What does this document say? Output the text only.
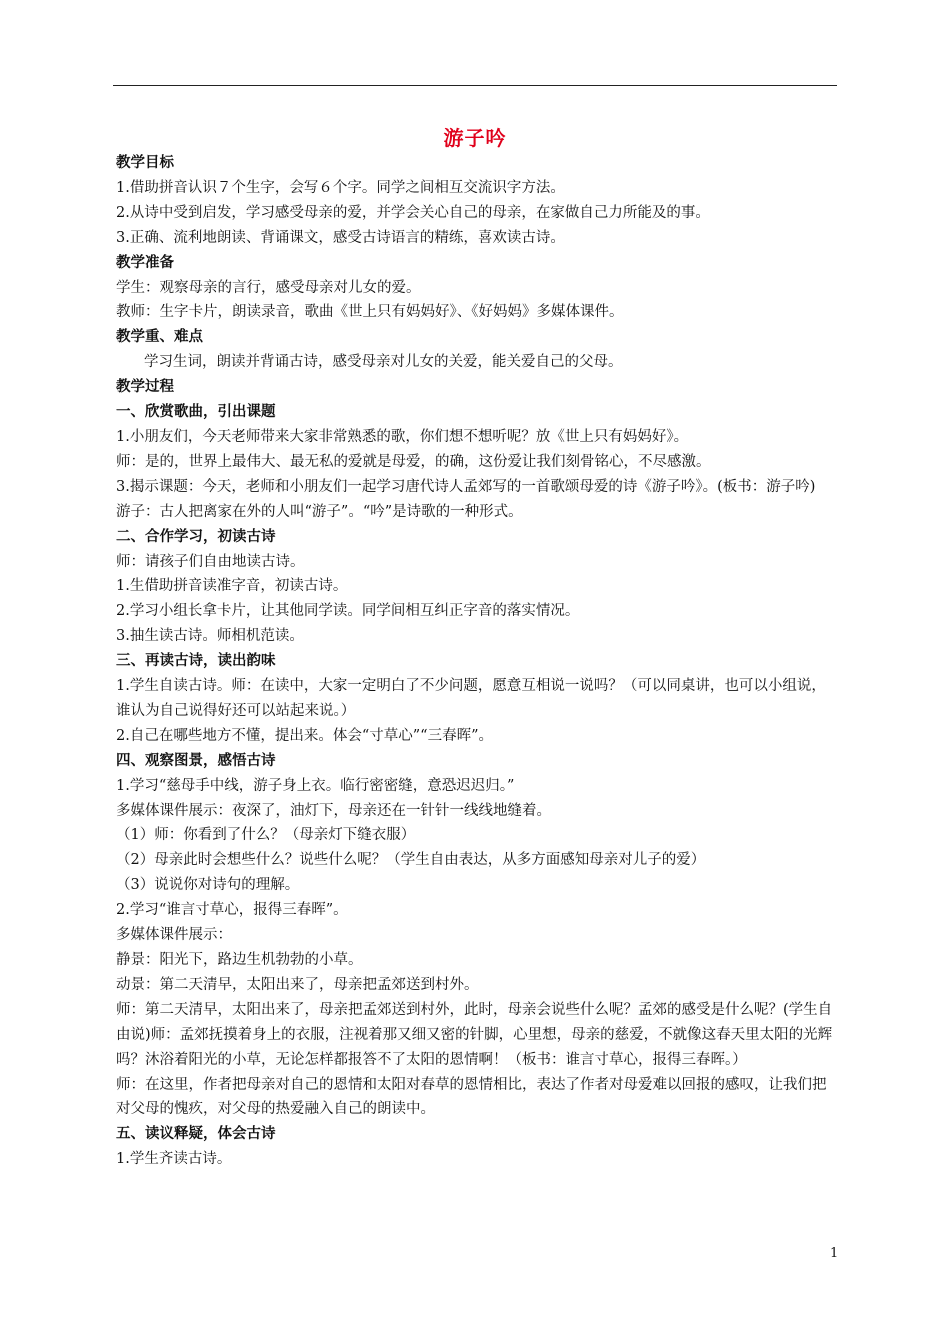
游子吟

教学目标

1.借助拼音认识７个生字，会写６个字。同学之间相互交流识字方法。

2.从诗中受到启发，学习感受母亲的爱，并学会关心自己的母亲，在家做自己力所能及的事。

3.正确、流利地朗读、背诵课文，感受古诗语言的精练，喜欢读古诗。

教学准备

学生：观察母亲的言行，感受母亲对儿女的爱。

教师：生字卡片，朗读录音，歌曲《世上只有妈妈好》、《好妈妈》多媒体课件。

教学重、难点

学习生词，朗读并背诵古诗，感受母亲对儿女的关爱，能关爱自己的父母。

教学过程

一、欣赏歌曲，引出课题

1.小朋友们，今天老师带来大家非常熟悉的歌，你们想不想听呢？放《世上只有妈妈好》。

师：是的，世界上最伟大、最无私的爱就是母爱，的确，这份爱让我们刻骨铭心，不尽感激。

3.揭示课题：今天，老师和小朋友们一起学习唐代诗人孟郊写的一首歌颂母爱的诗《游子吟》。(板书：游子吟)

游子：古人把离家在外的人叫“游子”。“吟”是诗歌的一种形式。

二、合作学习，初读古诗

师：请孩子们自由地读古诗。

1.生借助拼音读准字音，初读古诗。

2.学习小组长拿卡片，让其他同学读。同学间相互纠正字音的落实情况。

3.抽生读古诗。师相机范读。

三、再读古诗，读出韵味

1.学生自读古诗。师：在读中，大家一定明白了不少问题，愿意互相说一说吗？（可以同桌讲，也可以小组说，谁认为自己说得好还可以站起来说。）

2.自己在哪些地方不懂，提出来。体会“寸草心”“三春晖”。

四、观察图景，感悟古诗

1.学习“慈母手中线，游子身上衣。临行密密缝，意恐迟迟归。”

多媒体课件展示：夜深了，油灯下，母亲还在一针针一线线地缝着。

（1）师：你看到了什么？（母亲灯下缝衣服）

（2）母亲此时会想些什么？说些什么呢？（学生自由表达，从多方面感知母亲对儿子的爱）

（3）说说你对诗句的理解。

2.学习“谁言寸草心，报得三春晖”。

多媒体课件展示：

静景：阳光下，路边生机勃勃的小草。

动景：第二天清早，太阳出来了，母亲把孟郊送到村外。

师：第二天清早，太阳出来了，母亲把孟郊送到村外，此时，母亲会说些什么呢？孟郊的感受是什么呢？(学生自由说)师：孟郊抚摸着身上的衣服，注视着那又细又密的针脚，心里想，母亲的慈爱，不就像这春天里太阳的光辉吗？沐浴着阳光的小草，无论怎样都报答不了太阳的恩情啊！（板书：谁言寸草心，报得三春晖。）

师：在这里，作者把母亲对自己的恩情和太阳对春草的恩情相比，表达了作者对母爱难以回报的感叹，让我们把对父母的愧疚，对父母的热爱融入自己的朗读中。

五、读议释疑，体会古诗

1.学生齐读古诗。

1
